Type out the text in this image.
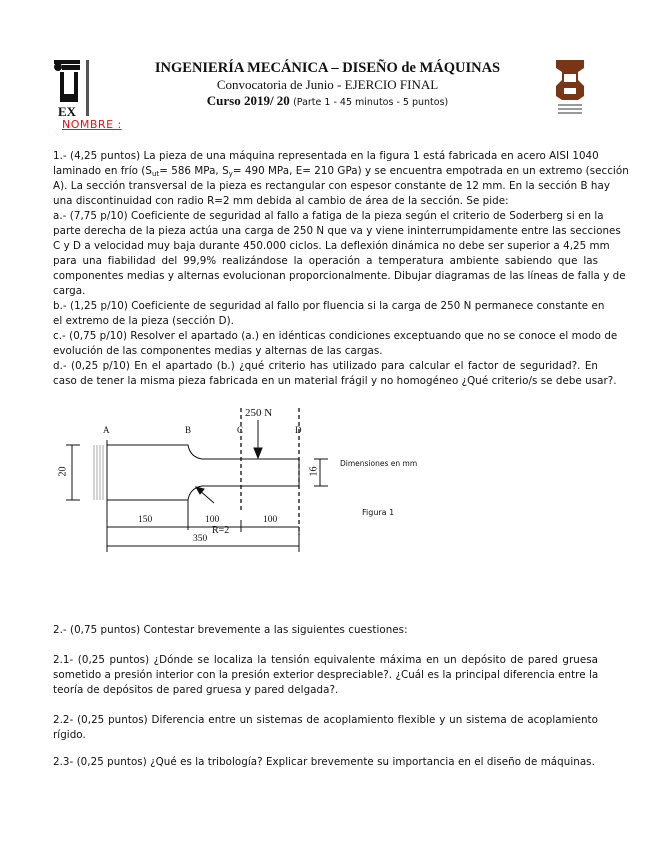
EX
INGENIERÍA MECÁNICA – DISEÑO de MÁQUINAS
Convocatoria de Junio - EJERCIO FINAL
Curso 2019/ 20 (Parte 1 - 45 minutos - 5 puntos)
NOMBRE :
1.- (4,25 puntos) La pieza de una máquina representada en la figura 1 está fabricada en acero AISI 1040
laminado en frío ($S_{ut}= 586$ MPa, $S_y= 490$ MPa, E= 210 GPa) y se encuentra empotrada en un extremo (sección
A). La sección transversal de la pieza es rectangular con espesor constante de 12 mm. En la sección B hay
una discontinuidad con radio R=2 mm debida al cambio de área de la sección. Se pide:
a.- (7,75 p/10) Coeficiente de seguridad al fallo a fatiga de la pieza según el criterio de Soderberg si en la
parte derecha de la pieza actúa una carga de 250 N que va y viene ininterrumpidamente entre las secciones
C y D a velocidad muy baja durante 450.000 ciclos. La deflexión dinámica no debe ser superior a 4,25 mm
para una fiabilidad del 99,9% realizándose la operación a temperatura ambiente sabiendo que las
componentes medias y alternas evolucionan proporcionalmente. Dibujar diagramas de las líneas de falla y de
carga.
b.- (1,25 p/10) Coeficiente de seguridad al fallo por fluencia si la carga de 250 N permanece constante en
el extremo de la pieza (sección D).
c.- (0,75 p/10) Resolver el apartado (a.) en idénticas condiciones exceptuando que no se conoce el modo de
evolución de las componentes medias y alternas de las cargas.
d.- (0,25 p/10) En el apartado (b.) ¿qué criterio has utilizado para calcular el factor de seguridad?. En
caso de tener la misma pieza fabricada en un material frágil y no homogéneo ¿Qué criterio/s se debe usar?.
250 N
A	B	C	D
20	16
R=2
150	100	100
350
Dimensiones en mm
Figura 1
2.- (0,75 puntos) Contestar brevemente a las siguientes cuestiones:
2.1- (0,25 puntos) ¿Dónde se localiza la tensión equivalente máxima en un depósito de pared gruesa
sometido a presión interior con la presión exterior despreciable?. ¿Cuál es la principal diferencia entre la
teoría de depósitos de pared gruesa y pared delgada?.
2.2- (0,25 puntos) Diferencia entre un sistemas de acoplamiento flexible y un sistema de acoplamiento
rígido.
2.3- (0,25 puntos) ¿Qué es la tribología? Explicar brevemente su importancia en el diseño de máquinas.
